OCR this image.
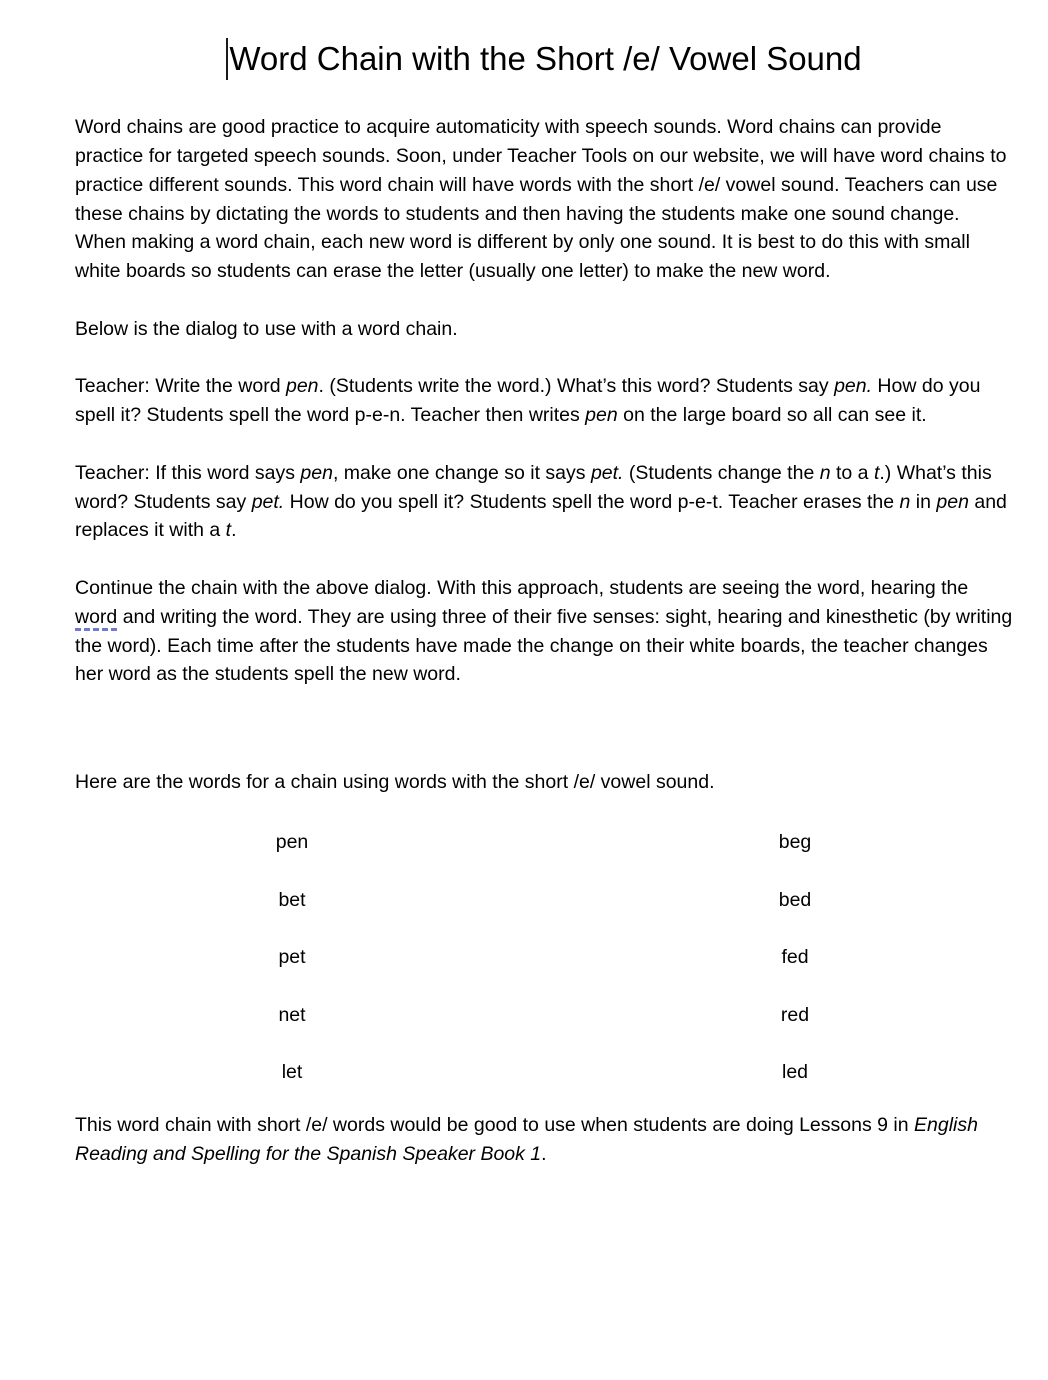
Word Chain with the Short /e/ Vowel Sound

Word chains are good practice to acquire automaticity with speech sounds. Word chains can provide practice for targeted speech sounds. Soon, under Teacher Tools on our website, we will have word chains to practice different sounds. This word chain will have words with the short /e/ vowel sound. Teachers can use these chains by dictating the words to students and then having the students make one sound change. When making a word chain, each new word is different by only one sound. It is best to do this with small white boards so students can erase the letter (usually one letter) to make the new word.

Below is the dialog to use with a word chain.

Teacher: Write the word pen. (Students write the word.) What’s this word? Students say pen. How do you spell it? Students spell the word p-e-n. Teacher then writes pen on the large board so all can see it.

Teacher: If this word says pen, make one change so it says pet. (Students change the n to a t.) What’s this word? Students say pet. How do you spell it? Students spell the word p-e-t. Teacher erases the n in pen and replaces it with a t.

Continue the chain with the above dialog. With this approach, students are seeing the word, hearing the word and writing the word. They are using three of their five senses: sight, hearing and kinesthetic (by writing the word). Each time after the students have made the change on their white boards, the teacher changes her word as the students spell the new word.

Here are the words for a chain using words with the short /e/ vowel sound.

pen	beg
bet	bed
pet	fed
net	red
let	led

This word chain with short /e/ words would be good to use when students are doing Lessons 9 in English Reading and Spelling for the Spanish Speaker Book 1.
